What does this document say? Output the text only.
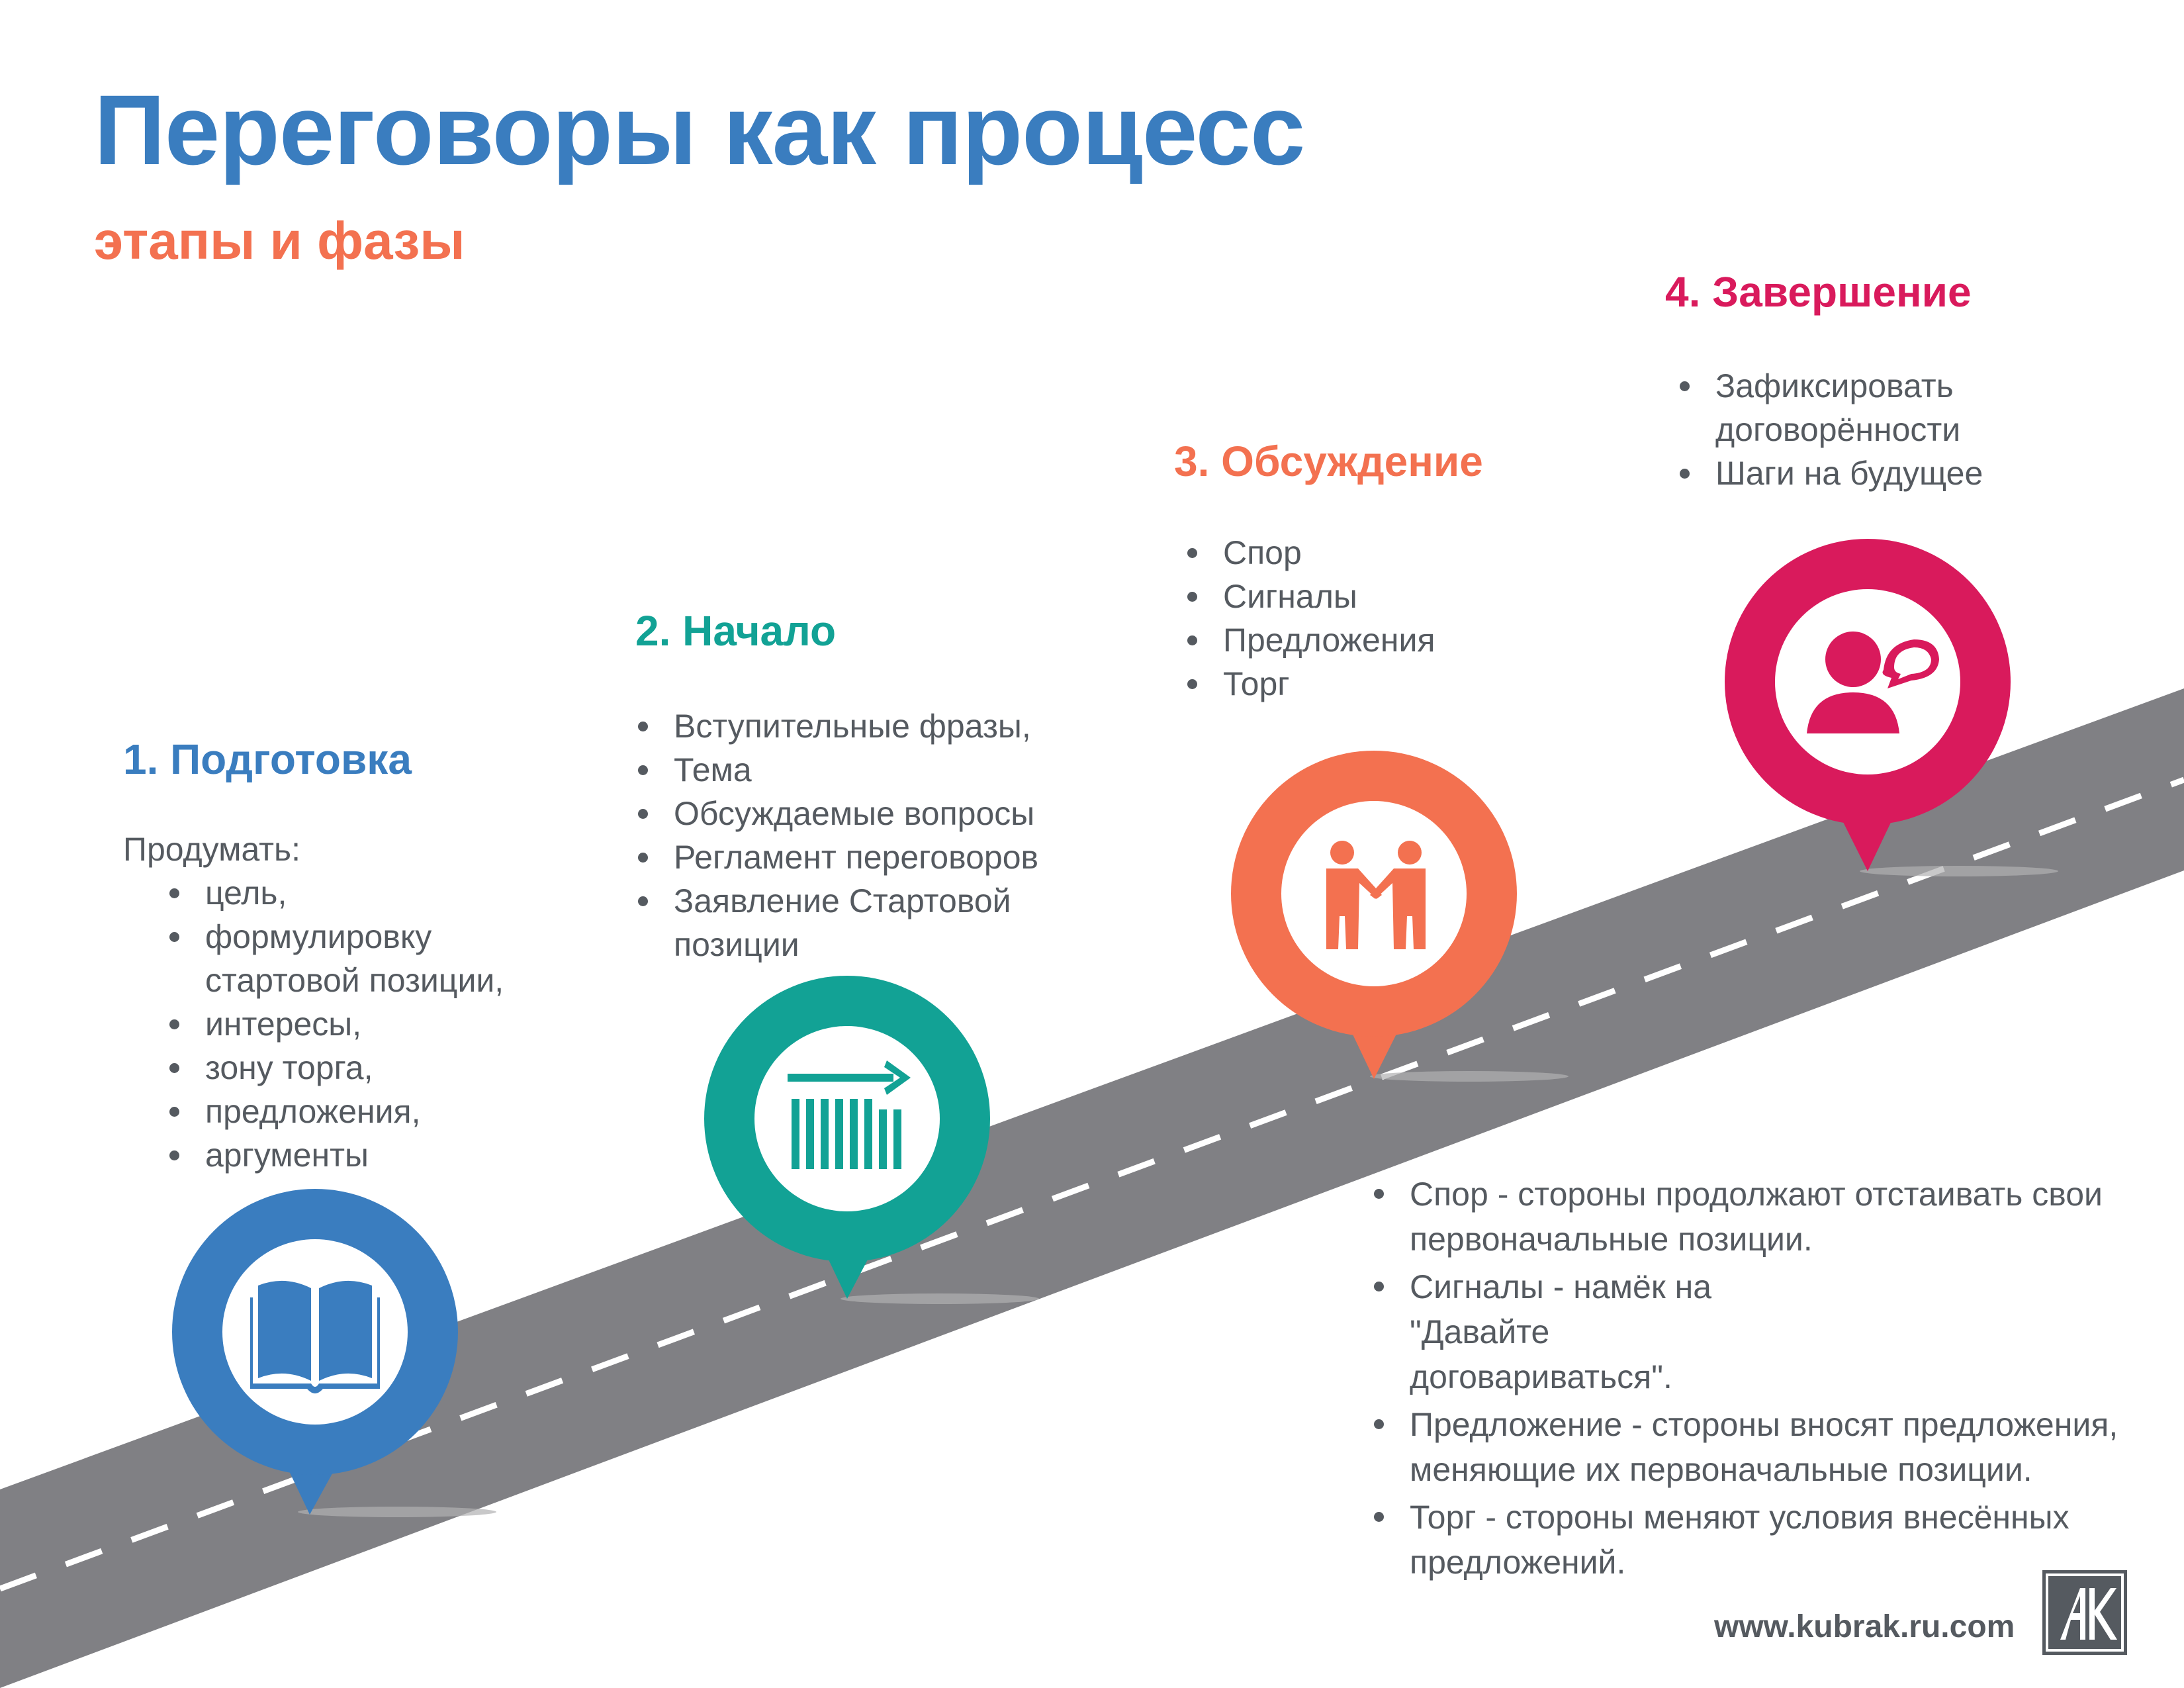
Переговоры как процесс
этапы и фазы
1. Подготовка

Продумать:

цель,
формулировку стартовой позиции,
интересы,
зону торга,
предложения,
аргументы
2. Начало
Вступительные фразы,
Тема
Обсуждаемые вопросы
Регламент переговоров
Заявление Стартовой позиции
3. Обсуждение
Спор
Сигналы
Предложения
Торг
4. Завершение
Зафиксировать договорённости
Шаги на будущее
Спор - стороны продолжают отстаивать свои первоначальные позиции.
Сигналы - намёк на "Давайте договариваться".
Предложение - стороны вносят предложения, меняющие их первоначальные позиции.
Торг - стороны меняют условия внесённых предложений.
www.kubrak.ru.com
